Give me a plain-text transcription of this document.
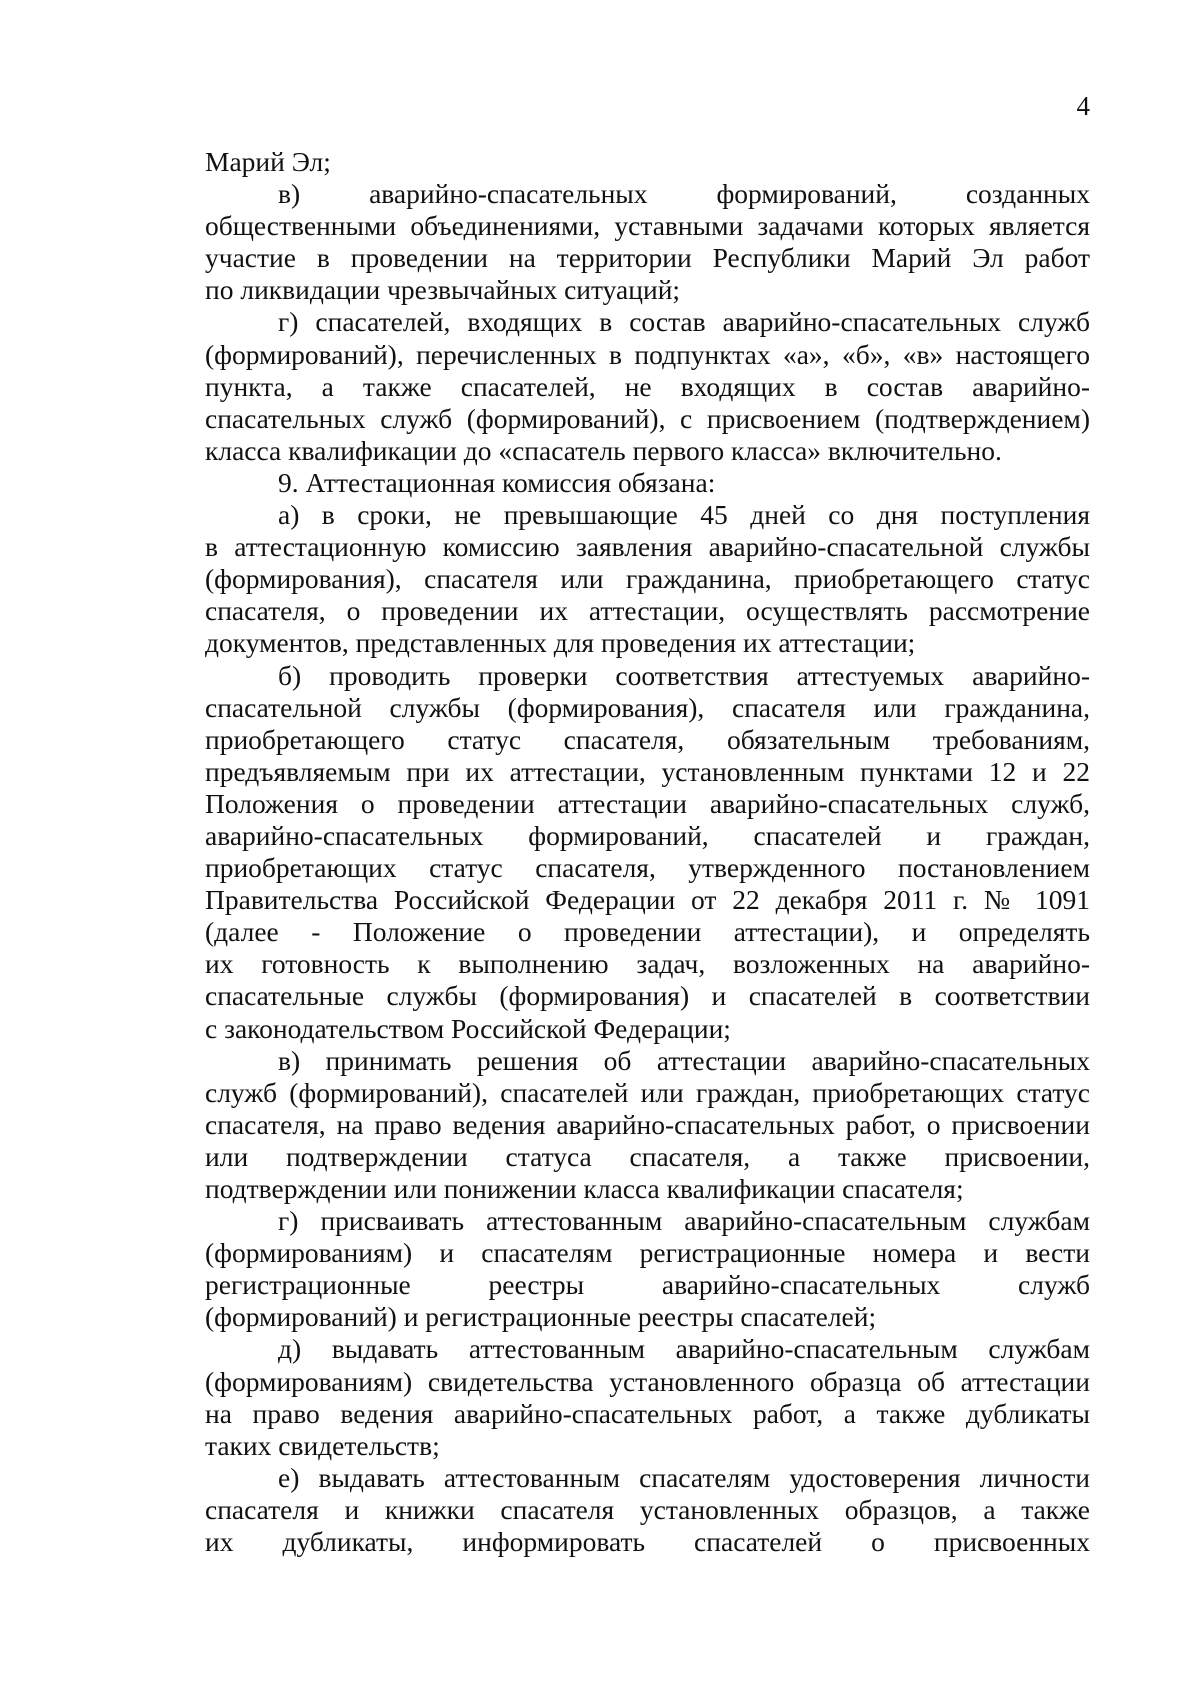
4
Марий Эл;
в) аварийно-спасательных формирований, созданных
общественными объединениями, уставными задачами которых является
участие в проведении на территории Республики Марий Эл работ
по ликвидации чрезвычайных ситуаций;
г) спасателей, входящих в состав аварийно-спасательных служб
(формирований), перечисленных в подпунктах «а», «б», «в» настоящего
пункта, а также спасателей, не входящих в состав аварийно-
спасательных служб (формирований), с присвоением (подтверждением)
класса квалификации до «спасатель первого класса» включительно.
9. Аттестационная комиссия обязана:
а) в сроки, не превышающие 45 дней со дня поступления
в аттестационную комиссию заявления аварийно-спасательной службы
(формирования), спасателя или гражданина, приобретающего статус
спасателя, о проведении их аттестации, осуществлять рассмотрение
документов, представленных для проведения их аттестации;
б) проводить проверки соответствия аттестуемых аварийно-
спасательной службы (формирования), спасателя или гражданина,
приобретающего статус спасателя, обязательным требованиям,
предъявляемым при их аттестации, установленным пунктами 12 и 22
Положения о проведении аттестации аварийно-спасательных служб,
аварийно-спасательных формирований, спасателей и граждан,
приобретающих статус спасателя, утвержденного постановлением
Правительства Российской Федерации от 22 декабря 2011 г. № 1091
(далее - Положение о проведении аттестации), и определять
их готовность к выполнению задач, возложенных на аварийно-
спасательные службы (формирования) и спасателей в соответствии
с законодательством Российской Федерации;
в) принимать решения об аттестации аварийно-спасательных
служб (формирований), спасателей или граждан, приобретающих статус
спасателя, на право ведения аварийно-спасательных работ, о присвоении
или подтверждении статуса спасателя, а также присвоении,
подтверждении или понижении класса квалификации спасателя;
г) присваивать аттестованным аварийно-спасательным службам
(формированиям) и спасателям регистрационные номера и вести
регистрационные реестры аварийно-спасательных служб
(формирований) и регистрационные реестры спасателей;
д) выдавать аттестованным аварийно-спасательным службам
(формированиям) свидетельства установленного образца об аттестации
на право ведения аварийно-спасательных работ, а также дубликаты
таких свидетельств;
е) выдавать аттестованным спасателям удостоверения личности
спасателя и книжки спасателя установленных образцов, а также
их дубликаты, информировать спасателей о присвоенных
